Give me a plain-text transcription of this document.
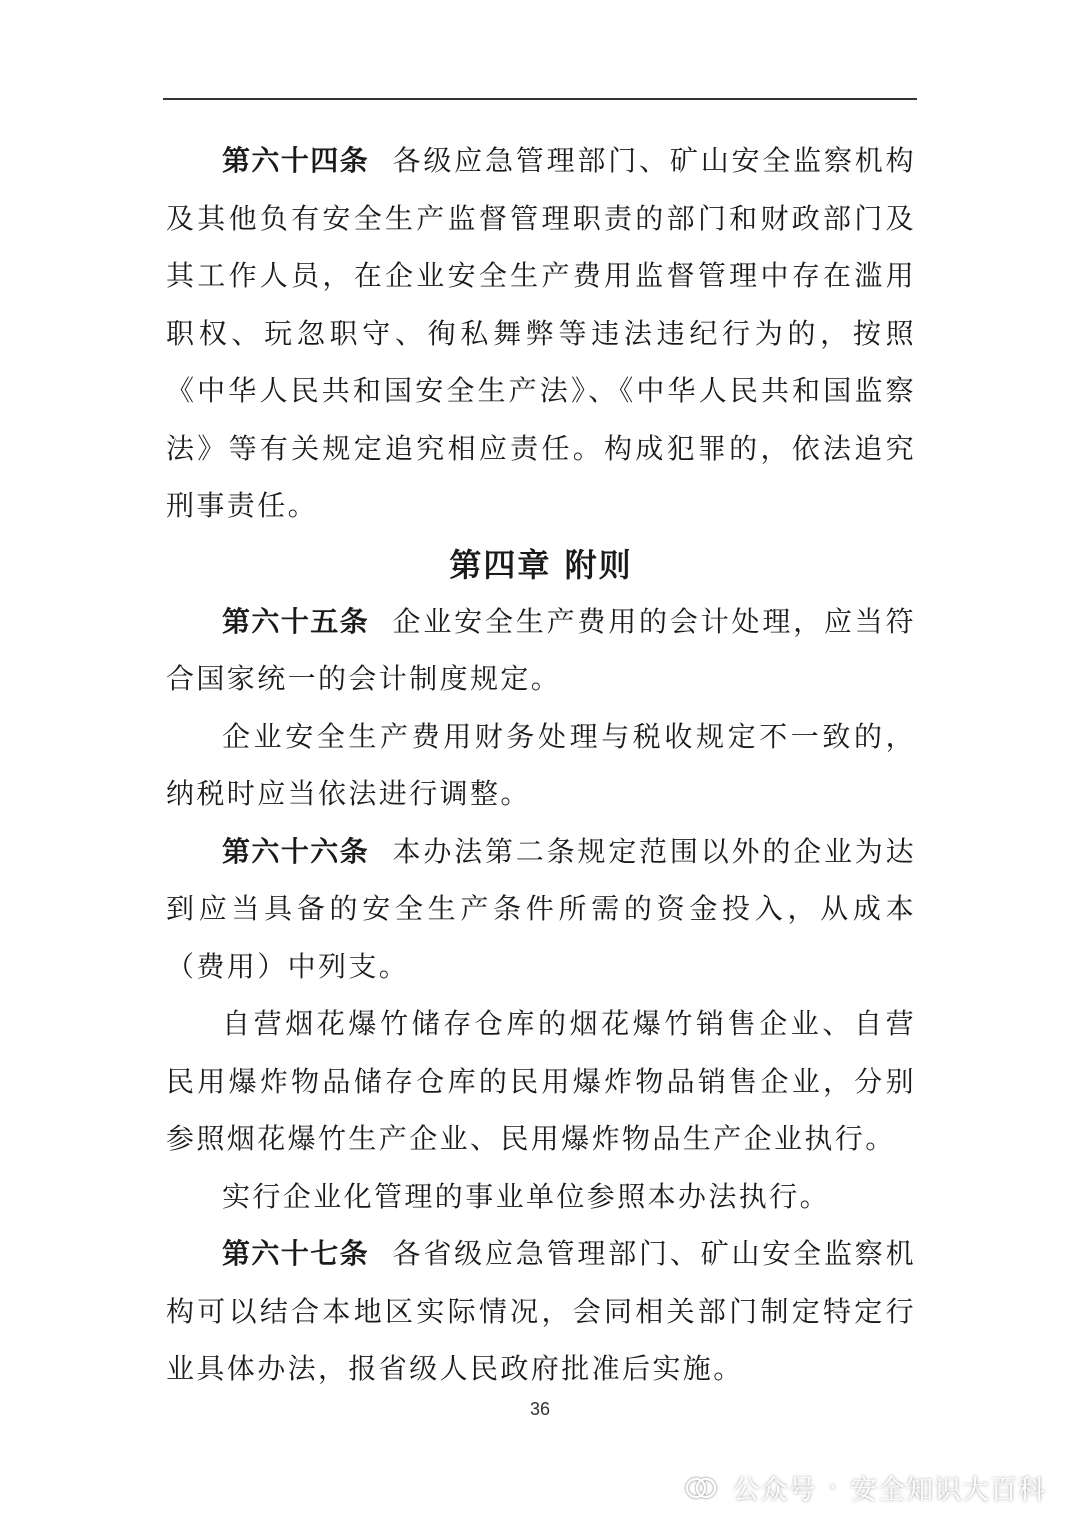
第六十四条 各级应急管理部门、矿山安全监察机构及其他负有安全生产监督管理职责的部门和财政部门及其工作人员，在企业安全生产费用监督管理中存在滥用职权、玩忽职守、徇私舞弊等违法违纪行为的，按照《中华人民共和国安全生产法》、《中华人民共和国监察法》等有关规定追究相应责任。构成犯罪的，依法追究刑事责任。

第四章 附则

第六十五条 企业安全生产费用的会计处理，应当符合国家统一的会计制度规定。

企业安全生产费用财务处理与税收规定不一致的，纳税时应当依法进行调整。

第六十六条 本办法第二条规定范围以外的企业为达到应当具备的安全生产条件所需的资金投入，从成本（费用）中列支。

自营烟花爆竹储存仓库的烟花爆竹销售企业、自营民用爆炸物品储存仓库的民用爆炸物品销售企业，分别参照烟花爆竹生产企业、民用爆炸物品生产企业执行。

实行企业化管理的事业单位参照本办法执行。

第六十七条 各省级应急管理部门、矿山安全监察机构可以结合本地区实际情况，会同相关部门制定特定行业具体办法，报省级人民政府批准后实施。

36
公众号 · 安全知识大百科
